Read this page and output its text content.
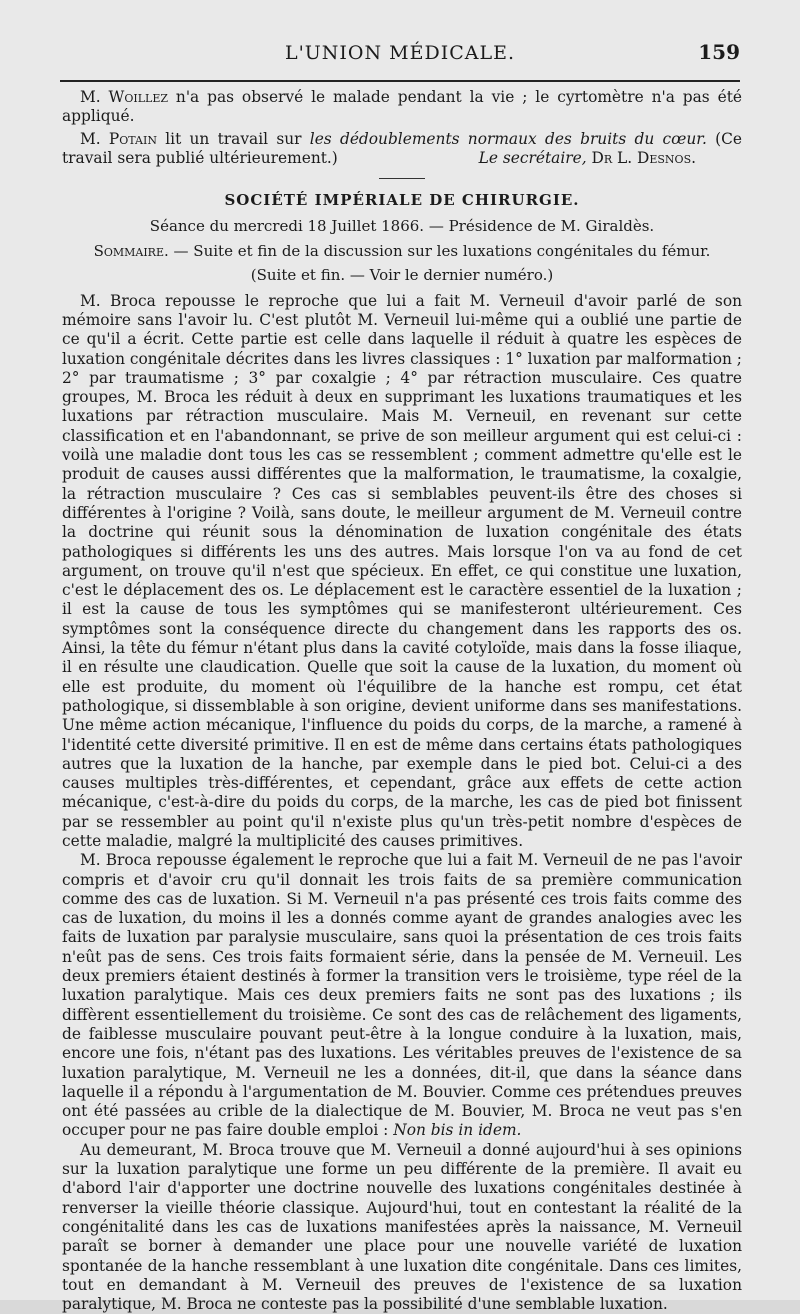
L'UNION MÉDICALE.	159

M. Woillez n'a pas observé le malade pendant la vie ; le cyrtomètre n'a pas été appliqué.

M. Potain lit un travail sur les dédoublements normaux des bruits du cœur. (Ce travail sera publié ultérieurement.)	Le secrétaire, Dr L. Desnos.

SOCIÉTÉ IMPÉRIALE DE CHIRURGIE.

Séance du mercredi 18 Juillet 1866. — Présidence de M. Giraldès.

Sommaire. — Suite et fin de la discussion sur les luxations congénitales du fémur.

(Suite et fin. — Voir le dernier numéro.)

M. Broca repousse le reproche que lui a fait M. Verneuil d'avoir parlé de son mémoire sans l'avoir lu. C'est plutôt M. Verneuil lui-même qui a oublié une partie de ce qu'il a écrit. Cette partie est celle dans laquelle il réduit à quatre les espèces de luxation congénitale décrites dans les livres classiques : 1° luxation par malformation ; 2° par traumatisme ; 3° par coxalgie ; 4° par rétraction musculaire. Ces quatre groupes, M. Broca les réduit à deux en supprimant les luxations traumatiques et les luxations par rétraction musculaire. Mais M. Verneuil, en revenant sur cette classification et en l'abandonnant, se prive de son meilleur argument qui est celui-ci : voilà une maladie dont tous les cas se ressemblent ; comment admettre qu'elle est le produit de causes aussi différentes que la malformation, le traumatisme, la coxalgie, la rétraction musculaire ? Ces cas si semblables peuvent-ils être des choses si différentes à l'origine ? Voilà, sans doute, le meilleur argument de M. Verneuil contre la doctrine qui réunit sous la dénomination de luxation congénitale des états pathologiques si différents les uns des autres. Mais lorsque l'on va au fond de cet argument, on trouve qu'il n'est que spécieux. En effet, ce qui constitue une luxation, c'est le déplacement des os. Le déplacement est le caractère essentiel de la luxation ; il est la cause de tous les symptômes qui se manifesteront ultérieurement. Ces symptômes sont la conséquence directe du changement dans les rapports des os. Ainsi, la tête du fémur n'étant plus dans la cavité cotyloïde, mais dans la fosse iliaque, il en résulte une claudication. Quelle que soit la cause de la luxation, du moment où elle est produite, du moment où l'équilibre de la hanche est rompu, cet état pathologique, si dissemblable à son origine, devient uniforme dans ses manifestations. Une même action mécanique, l'influence du poids du corps, de la marche, a ramené à l'identité cette diversité primitive. Il en est de même dans certains états pathologiques autres que la luxation de la hanche, par exemple dans le pied bot. Celui-ci a des causes multiples très-différentes, et cependant, grâce aux effets de cette action mécanique, c'est-à-dire du poids du corps, de la marche, les cas de pied bot finissent par se ressembler au point qu'il n'existe plus qu'un très-petit nombre d'espèces de cette maladie, malgré la multiplicité des causes primitives.

M. Broca repousse également le reproche que lui a fait M. Verneuil de ne pas l'avoir compris et d'avoir cru qu'il donnait les trois faits de sa première communication comme des cas de luxation. Si M. Verneuil n'a pas présenté ces trois faits comme des cas de luxation, du moins il les a donnés comme ayant de grandes analogies avec les faits de luxation par paralysie musculaire, sans quoi la présentation de ces trois faits n'eût pas de sens. Ces trois faits formaient série, dans la pensée de M. Verneuil. Les deux premiers étaient destinés à former la transition vers le troisième, type réel de la luxation paralytique. Mais ces deux premiers faits ne sont pas des luxations ; ils diffèrent essentiellement du troisième. Ce sont des cas de relâchement des ligaments, de faiblesse musculaire pouvant peut-être à la longue conduire à la luxation, mais, encore une fois, n'étant pas des luxations. Les véritables preuves de l'existence de sa luxation paralytique, M. Verneuil ne les a données, dit-il, que dans la séance dans laquelle il a répondu à l'argumentation de M. Bouvier. Comme ces prétendues preuves ont été passées au crible de la dialectique de M. Bouvier, M. Broca ne veut pas s'en occuper pour ne pas faire double emploi : Non bis in idem.

Au demeurant, M. Broca trouve que M. Verneuil a donné aujourd'hui à ses opinions sur la luxation paralytique une forme un peu différente de la première. Il avait eu d'abord l'air d'apporter une doctrine nouvelle des luxations congénitales destinée à renverser la vieille théorie classique. Aujourd'hui, tout en contestant la réalité de la congénitalité dans les cas de luxations manifestées après la naissance, M. Verneuil paraît se borner à demander une place pour une nouvelle variété de luxation spontanée de la hanche ressemblant à une luxation dite congénitale. Dans ces limites, tout en demandant à M. Verneuil des preuves de l'existence de sa luxation paralytique, M. Broca ne conteste pas la possibilité d'une semblable luxation.
